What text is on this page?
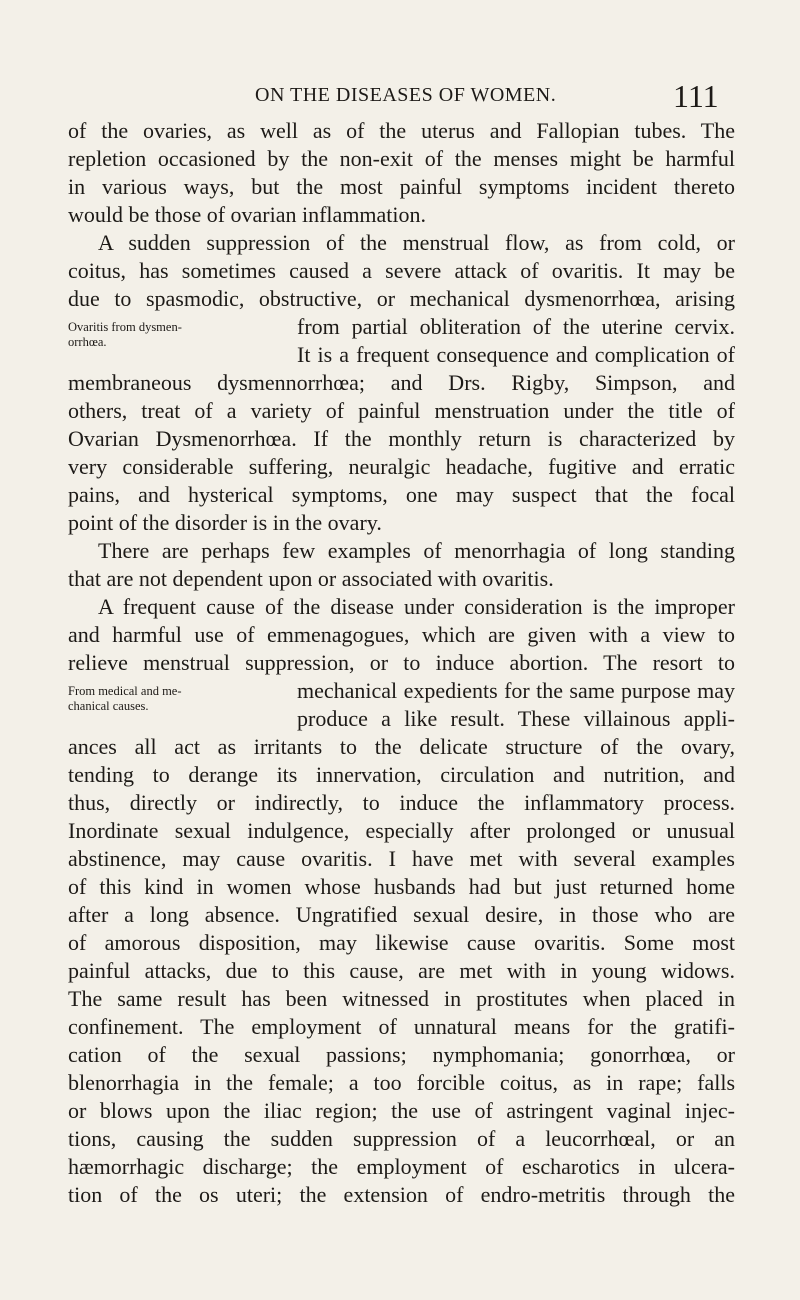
ON THE DISEASES OF WOMEN.	111
of the ovaries, as well as of the uterus and Fallopian tubes. The
repletion occasioned by the non-exit of the menses might be harmful
in various ways, but the most painful symptoms incident thereto
would be those of ovarian inflammation.
A sudden suppression of the menstrual flow, as from cold, or
coitus, has sometimes caused a severe attack of ovaritis. It may be
due to spasmodic, obstructive, or mechanical dysmenorrhœa, arising
Ovaritis from dysmen-
orrhœa.
from partial obliteration of the uterine cervix.
It is a frequent consequence and complication of
membraneous dysmennorrhœa; and Drs. Rigby, Simpson, and
others, treat of a variety of painful menstruation under the title of
Ovarian Dysmenorrhœa. If the monthly return is characterized by
very considerable suffering, neuralgic headache, fugitive and erratic
pains, and hysterical symptoms, one may suspect that the focal
point of the disorder is in the ovary.
There are perhaps few examples of menorrhagia of long standing
that are not dependent upon or associated with ovaritis.
A frequent cause of the disease under consideration is the improper
and harmful use of emmenagogues, which are given with a view to
relieve menstrual suppression, or to induce abortion. The resort to
From medical and me-
chanical causes.
mechanical expedients for the same purpose may
produce a like result. These villainous appli-
ances all act as irritants to the delicate structure of the ovary,
tending to derange its innervation, circulation and nutrition, and
thus, directly or indirectly, to induce the inflammatory process.
Inordinate sexual indulgence, especially after prolonged or unusual
abstinence, may cause ovaritis. I have met with several examples
of this kind in women whose husbands had but just returned home
after a long absence. Ungratified sexual desire, in those who are
of amorous disposition, may likewise cause ovaritis. Some most
painful attacks, due to this cause, are met with in young widows.
The same result has been witnessed in prostitutes when placed in
confinement. The employment of unnatural means for the gratifi-
cation of the sexual passions; nymphomania; gonorrhœa, or
blenorrhagia in the female; a too forcible coitus, as in rape; falls
or blows upon the iliac region; the use of astringent vaginal injec-
tions, causing the sudden suppression of a leucorrhœal, or an
hæmorrhagic discharge; the employment of escharotics in ulcera-
tion of the os uteri; the extension of endro-metritis through the
